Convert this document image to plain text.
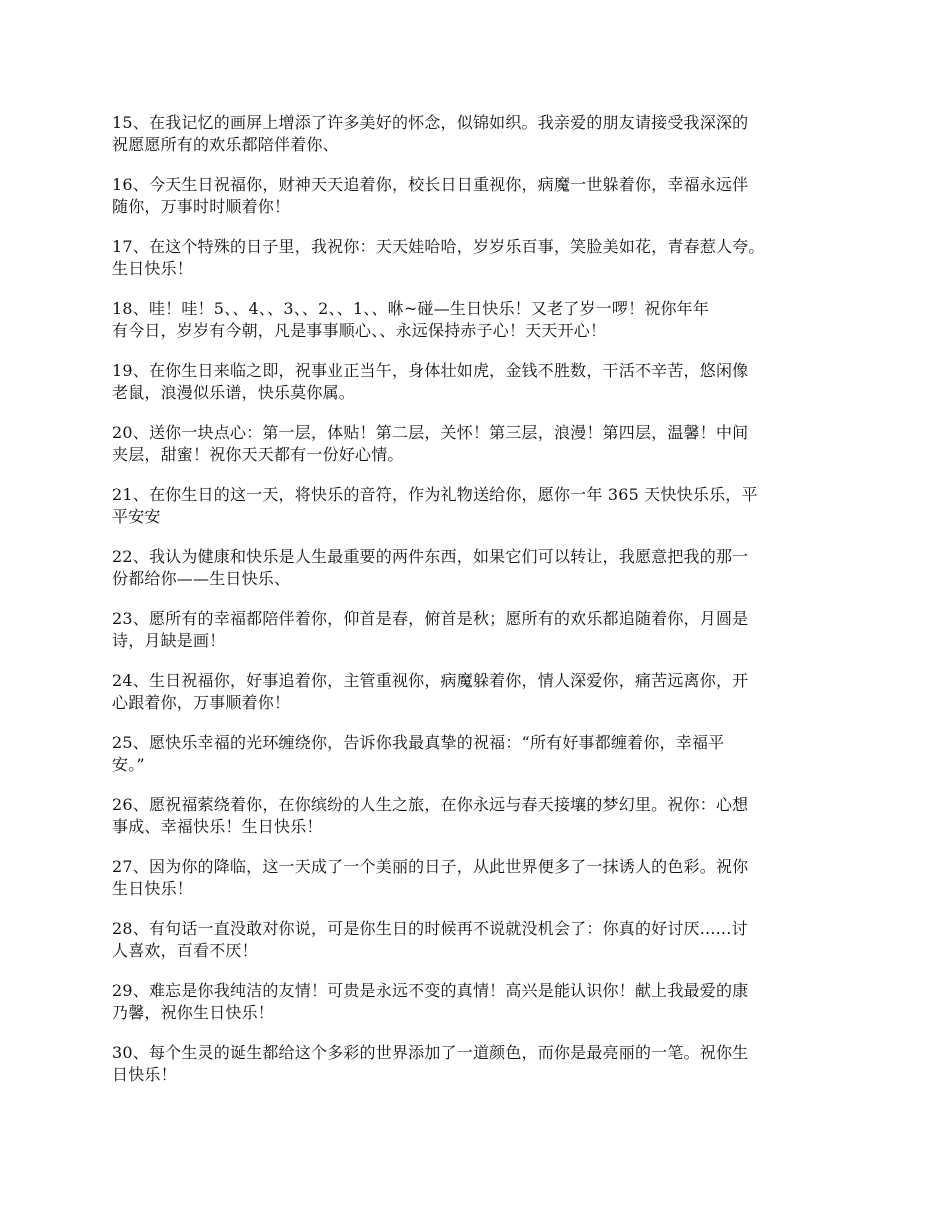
15、在我记忆的画屏上增添了许多美好的怀念，似锦如织。我亲爱的朋友请接受我深深的
祝愿愿所有的欢乐都陪伴着你、
16、今天生日祝福你，财神天天追着你，校长日日重视你，病魔一世躲着你，幸福永远伴
随你，万事时时顺着你！
17、在这个特殊的日子里，我祝你：天天娃哈哈，岁岁乐百事，笑脸美如花，青春惹人夸。
生日快乐！
18、哇！哇！5、、4、、3、、2、、1、、咻~碰—生日快乐！又老了岁一啰！祝你年年
有今日，岁岁有今朝，凡是事事顺心、、永远保持赤子心！天天开心！
19、在你生日来临之即，祝事业正当午，身体壮如虎，金钱不胜数，干活不辛苦，悠闲像
老鼠，浪漫似乐谱，快乐莫你属。
20、送你一块点心：第一层，体贴！第二层，关怀！第三层，浪漫！第四层，温馨！中间
夹层，甜蜜！祝你天天都有一份好心情。
21、在你生日的这一天，将快乐的音符，作为礼物送给你，愿你一年 365 天快快乐乐，平
平安安
22、我认为健康和快乐是人生最重要的两件东西，如果它们可以转让，我愿意把我的那一
份都给你——生日快乐、
23、愿所有的幸福都陪伴着你，仰首是春，俯首是秋；愿所有的欢乐都追随着你，月圆是
诗，月缺是画！
24、生日祝福你，好事追着你，主管重视你，病魔躲着你，情人深爱你，痛苦远离你，开
心跟着你，万事顺着你！
25、愿快乐幸福的光环缠绕你，告诉你我最真挚的祝福：“所有好事都缠着你，幸福平
安。”
26、愿祝福萦绕着你，在你缤纷的人生之旅，在你永远与春天接壤的梦幻里。祝你：心想
事成、幸福快乐！生日快乐！
27、因为你的降临，这一天成了一个美丽的日子，从此世界便多了一抹诱人的色彩。祝你
生日快乐！
28、有句话一直没敢对你说，可是你生日的时候再不说就没机会了：你真的好讨厌......讨
人喜欢，百看不厌！
29、难忘是你我纯洁的友情！可贵是永远不变的真情！高兴是能认识你！献上我最爱的康
乃馨，祝你生日快乐！
30、每个生灵的诞生都给这个多彩的世界添加了一道颜色，而你是最亮丽的一笔。祝你生
日快乐！
